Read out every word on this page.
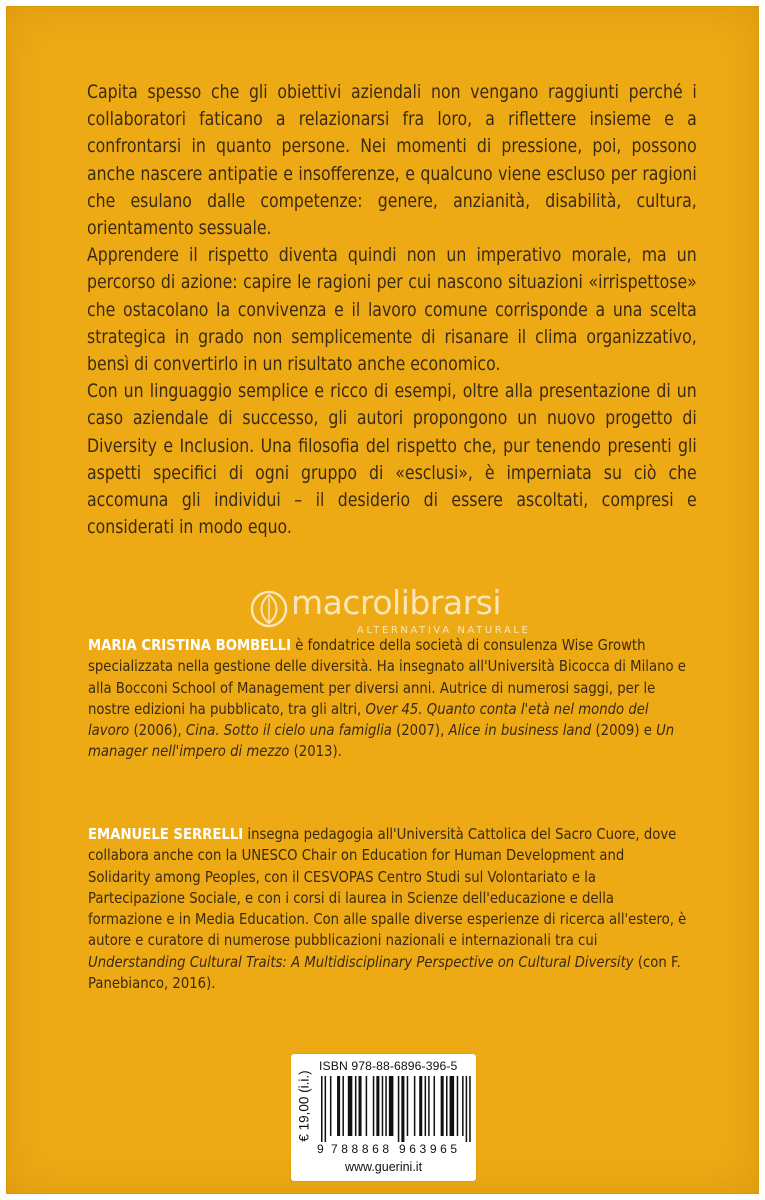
Capita spesso che gli obiettivi aziendali non vengano raggiunti perché i collaboratori faticano a relazionarsi fra loro, a riflettere insieme e a confrontarsi in quanto persone. Nei momenti di pressione, poi, possono anche nascere antipatie e insofferenze, e qualcuno viene escluso per ragioni che esulano dalle competenze: genere, anzianità, disabilità, cultura, orientamento sessuale.

Apprendere il rispetto diventa quindi non un imperativo morale, ma un percorso di azione: capire le ragioni per cui nascono situazioni «irrispettose» che ostacolano la convivenza e il lavoro comune corrisponde a una scelta strategica in grado non semplicemente di risanare il clima organizzativo, bensì di convertirlo in un risultato anche economico.

Con un linguaggio semplice e ricco di esempi, oltre alla presentazione di un caso aziendale di successo, gli autori propongono un nuovo progetto di Diversity e Inclusion. Una filosofia del rispetto che, pur tenendo presenti gli aspetti specifici di ogni gruppo di «esclusi», è imperniata su ciò che accomuna gli individui – il desiderio di essere ascoltati, compresi e considerati in modo equo.

macrolibrarsi
ALTERNATIVA NATURALE

MARIA CRISTINA BOMBELLI è fondatrice della società di consulenza Wise Growth specializzata nella gestione delle diversità. Ha insegnato all'Università Bicocca di Milano e alla Bocconi School of Management per diversi anni. Autrice di numerosi saggi, per le nostre edizioni ha pubblicato, tra gli altri, Over 45. Quanto conta l'età nel mondo del lavoro (2006), Cina. Sotto il cielo una famiglia (2007), Alice in business land (2009) e Un manager nell'impero di mezzo (2013).

EMANUELE SERRELLI insegna pedagogia all'Università Cattolica del Sacro Cuore, dove collabora anche con la UNESCO Chair on Education for Human Development and Solidarity among Peoples, con il CESVOPAS Centro Studi sul Volontariato e la Partecipazione Sociale, e con i corsi di laurea in Scienze dell'educazione e della formazione e in Media Education. Con alle spalle diverse esperienze di ricerca all'estero, è autore e curatore di numerose pubblicazioni nazionali e internazionali tra cui Understanding Cultural Traits: A Multidisciplinary Perspective on Cultural Diversity (con F. Panebianco, 2016).

€ 19,00 (i.i.)
ISBN 978-88-6896-396-5
9 788868 963965
www.guerini.it
